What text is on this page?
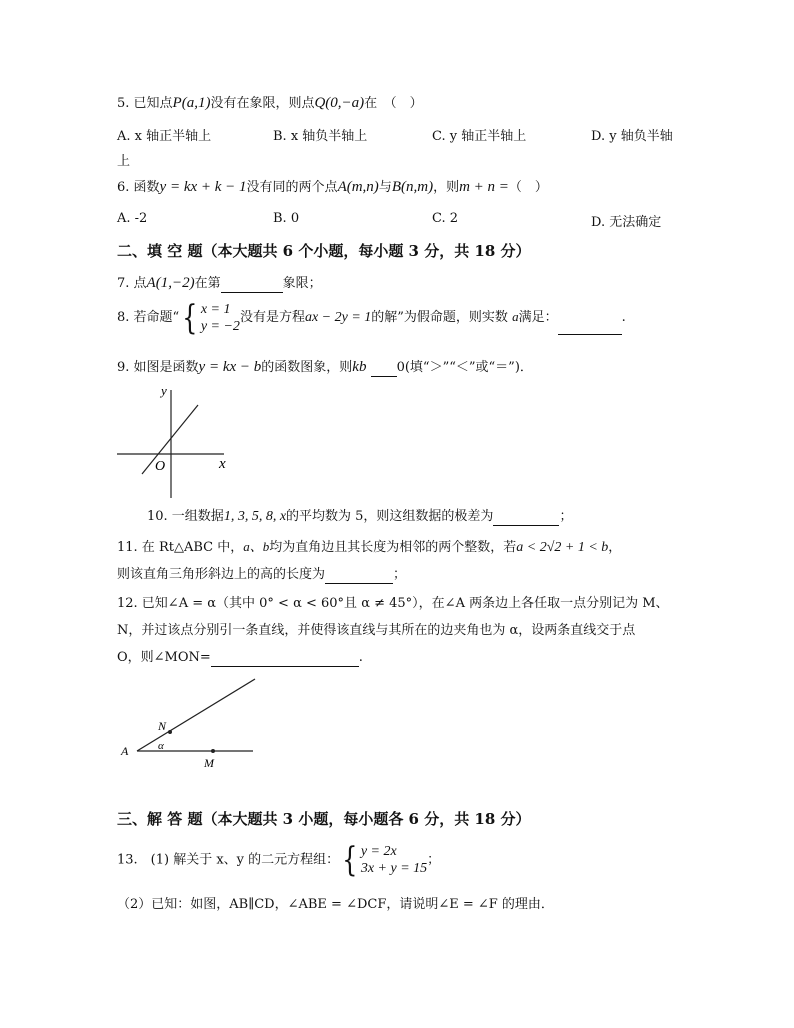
5. 已知点P(a,1)没有在象限，则点Q(0,−a)在　（　）
A. x 轴正半轴上	B. x 轴负半轴上	C. y 轴正半轴上	D. y 轴负半轴
上
6. 函数y = kx + k − 1没有同的两个点A(m,n)与B(n,m)，则m + n =（　）
A. -2	B. 0	C. 2	D. 无法确定
二、填 空 题（本大题共 6 个小题，每小题 3 分，共 18 分）
7. 点A(1,−2)在第	象限；
8. 若命题“{ x = 1
y = −2没有是方程ax − 2y = 1的解”为假命题，则实数 a满足：	.
9. 如图是函数y = kx − b的函数图象，则kb 0(填“＞”“＜”或“＝”)．
y
x
O
10. 一组数据1, 3, 5, 8, x的平均数为 5，则这组数据的极差为	；
11. 在 Rt△ABC 中，a、b均为直角边且其长度为相邻的两个整数，若a < 2√2 + 1 < b，
则该直角三角形斜边上的高的长度为	；
12. 已知∠A = α（其中 0° < α < 60°且 α ≠ 45°），在∠A 两条边上各任取一点分别记为 M、
N，并过该点分别引一条直线，并使得该直线与其所在的边夹角也为 α，设两条直线交于点
O，则∠MON=	.
A
N
M
α
三、解 答 题（本大题共 3 小题，每小题各 6 分，共 18 分）
13.　(1) 解关于 x、y 的二元方程组：{ y = 2x
3x + y = 15；
（2）已知：如图，AB∥CD，∠ABE = ∠DCF，请说明∠E = ∠F 的理由．
